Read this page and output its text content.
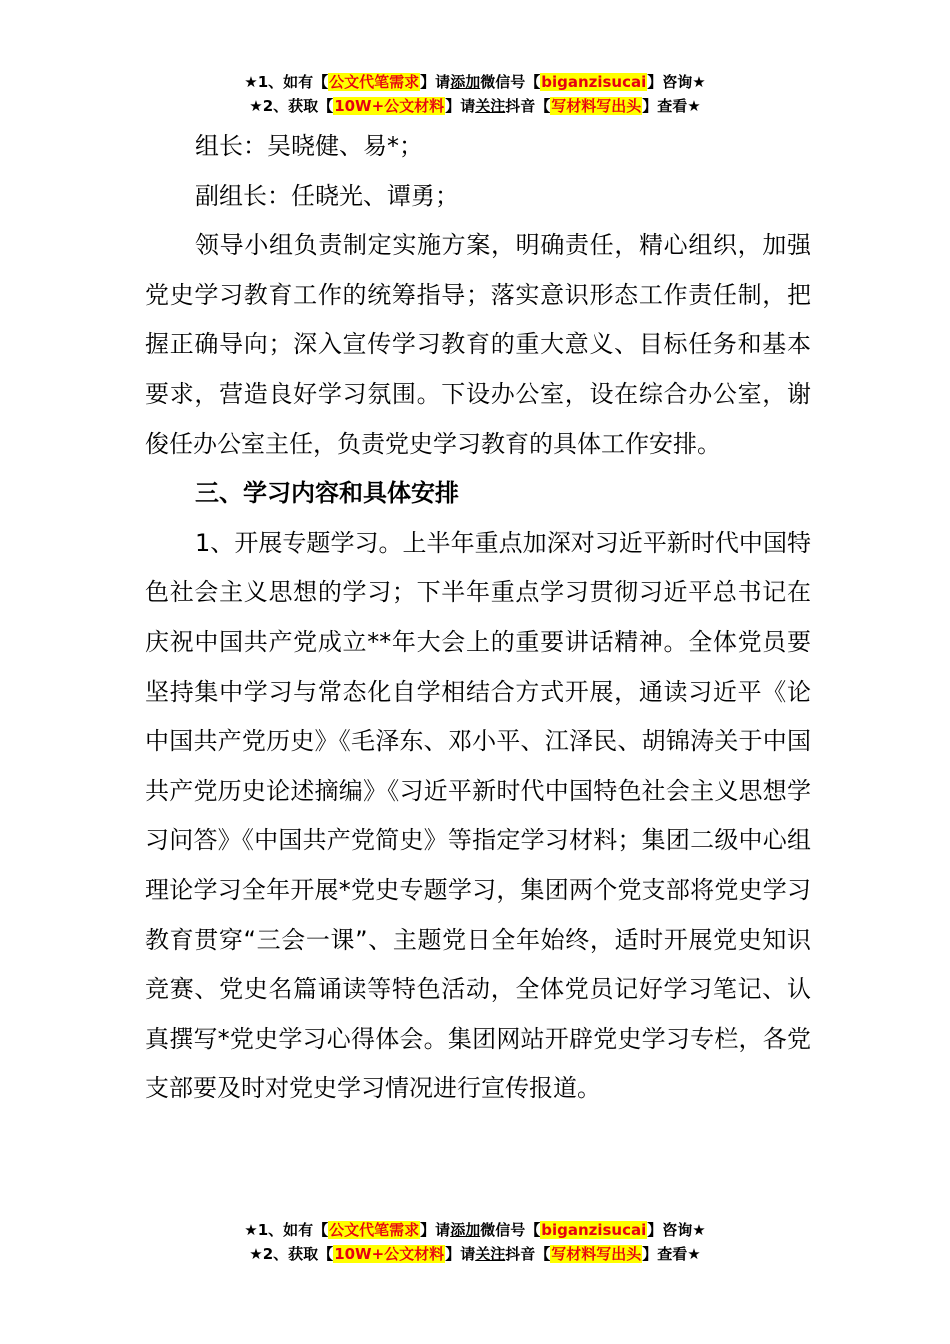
★1、如有【公文代笔需求】请添加微信号【biganzisucai】咨询★
★2、获取【10W+公文材料】请关注抖音【写材料写出头】查看★

组长：吴晓健、易*；

副组长：任晓光、谭勇；

领导小组负责制定实施方案，明确责任，精心组织，加强党史学习教育工作的统筹指导；落实意识形态工作责任制，把握正确导向；深入宣传学习教育的重大意义、目标任务和基本要求，营造良好学习氛围。下设办公室，设在综合办公室，谢俊任办公室主任，负责党史学习教育的具体工作安排。

三、学习内容和具体安排

1、开展专题学习。上半年重点加深对习近平新时代中国特色社会主义思想的学习；下半年重点学习贯彻习近平总书记在庆祝中国共产党成立**年大会上的重要讲话精神。全体党员要坚持集中学习与常态化自学相结合方式开展，通读习近平《论中国共产党历史》《毛泽东、邓小平、江泽民、胡锦涛关于中国共产党历史论述摘编》《习近平新时代中国特色社会主义思想学习问答》《中国共产党简史》等指定学习材料；集团二级中心组理论学习全年开展*党史专题学习，集团两个党支部将党史学习教育贯穿“三会一课”、主题党日全年始终，适时开展党史知识竞赛、党史名篇诵读等特色活动，全体党员记好学习笔记、认真撰写*党史学习心得体会。集团网站开辟党史学习专栏，各党支部要及时对党史学习情况进行宣传报道。

★1、如有【公文代笔需求】请添加微信号【biganzisucai】咨询★
★2、获取【10W+公文材料】请关注抖音【写材料写出头】查看★
